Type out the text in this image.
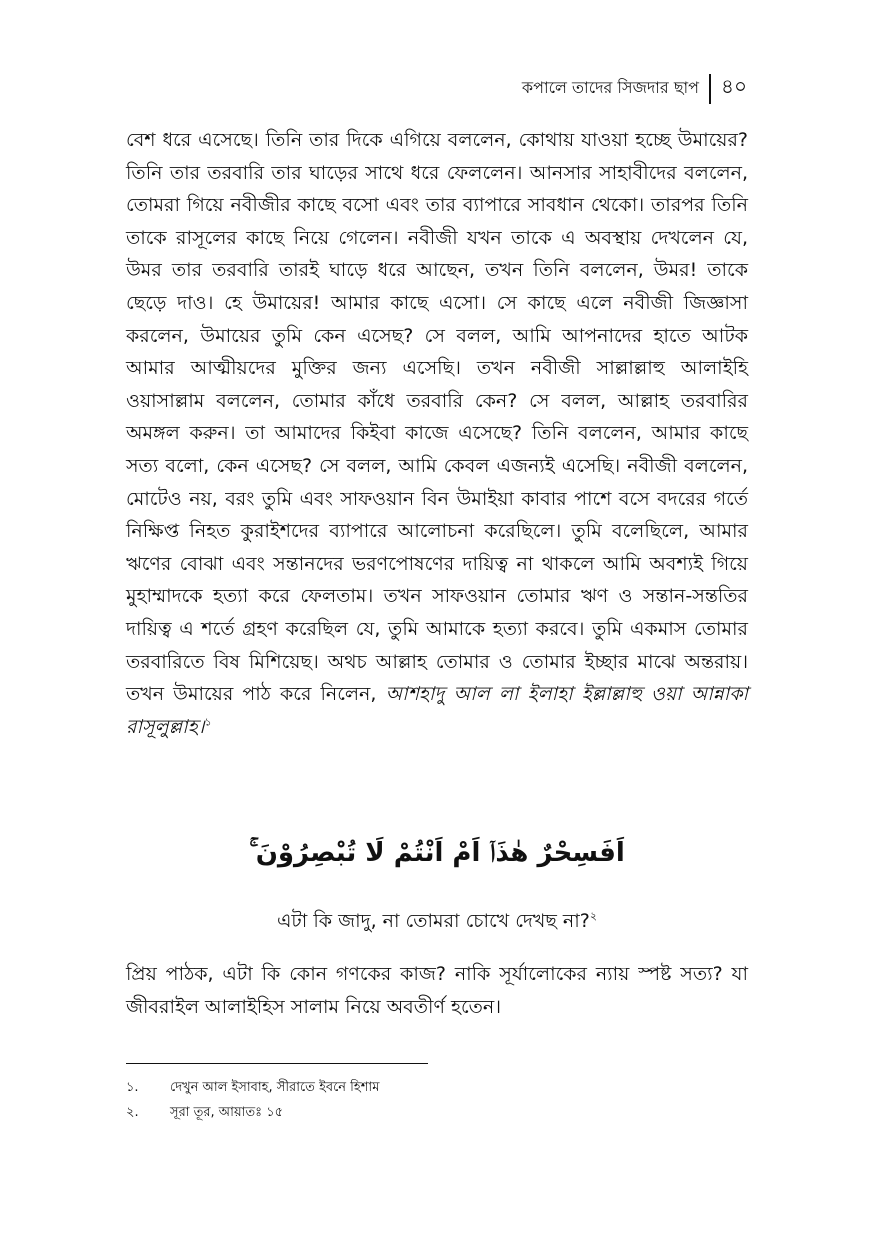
কপালে তাদের সিজদার ছাপ ৪০

বেশ ধরে এসেছে। তিনি তার দিকে এগিয়ে বললেন, কোথায় যাওয়া হচ্ছে উমায়ের? তিনি তার তরবারি তার ঘাড়ের সাথে ধরে ফেললেন। আনসার সাহাবীদের বললেন, তোমরা গিয়ে নবীজীর কাছে বসো এবং তার ব্যাপারে সাবধান থেকো। তারপর তিনি তাকে রাসূলের কাছে নিয়ে গেলেন। নবীজী যখন তাকে এ অবস্থায় দেখলেন যে, উমর তার তরবারি তারই ঘাড়ে ধরে আছেন, তখন তিনি বললেন, উমর! তাকে ছেড়ে দাও। হে উমায়ের! আমার কাছে এসো। সে কাছে এলে নবীজী জিজ্ঞাসা করলেন, উমায়ের তুমি কেন এসেছ? সে বলল, আমি আপনাদের হাতে আটক আমার আত্মীয়দের মুক্তির জন্য এসেছি। তখন নবীজী সাল্লাল্লাহু আলাইহি ওয়াসাল্লাম বললেন, তোমার কাঁধে তরবারি কেন? সে বলল, আল্লাহ তরবারির অমঙ্গল করুন। তা আমাদের কিইবা কাজে এসেছে? তিনি বললেন, আমার কাছে সত্য বলো, কেন এসেছ? সে বলল, আমি কেবল এজন্যই এসেছি। নবীজী বললেন, মোটেও নয়, বরং তুমি এবং সাফওয়ান বিন উমাইয়া কাবার পাশে বসে বদরের গর্তে নিক্ষিপ্ত নিহত কুরাইশদের ব্যাপারে আলোচনা করেছিলে। তুমি বলেছিলে, আমার ঋণের বোঝা এবং সন্তানদের ভরণপোষণের দায়িত্ব না থাকলে আমি অবশ্যই গিয়ে মুহাম্মাদকে হত্যা করে ফেলতাম। তখন সাফওয়ান তোমার ঋণ ও সন্তান-সন্ততির দায়িত্ব এ শর্তে গ্রহণ করেছিল যে, তুমি আমাকে হত্যা করবে। তুমি একমাস তোমার তরবারিতে বিষ মিশিয়েছ। অথচ আল্লাহ তোমার ও তোমার ইচ্ছার মাঝে অন্তরায়। তখন উমায়ের পাঠ করে নিলেন, আশহাদু আল লা ইলাহা ইল্লাল্লাহু ওয়া আন্নাকা রাসূলুল্লাহ।$^১$

اَفَسِحْرٌ هٰذَاۤ اَمْ اَنْتُمْ لَا تُبْصِرُوْنَ ۚ
এটা কি জাদু, না তোমরা চোখে দেখছ না?$^২$
প্রিয় পাঠক, এটা কি কোন গণকের কাজ? নাকি সূর্যালোকের ন্যায় স্পষ্ট সত্য? যা জীবরাইল আলাইহিস সালাম নিয়ে অবতীর্ণ হতেন।
১.	দেখুন আল ইসাবাহ, সীরাতে ইবনে হিশাম
২.	সূরা তূর, আয়াতঃ ১৫
